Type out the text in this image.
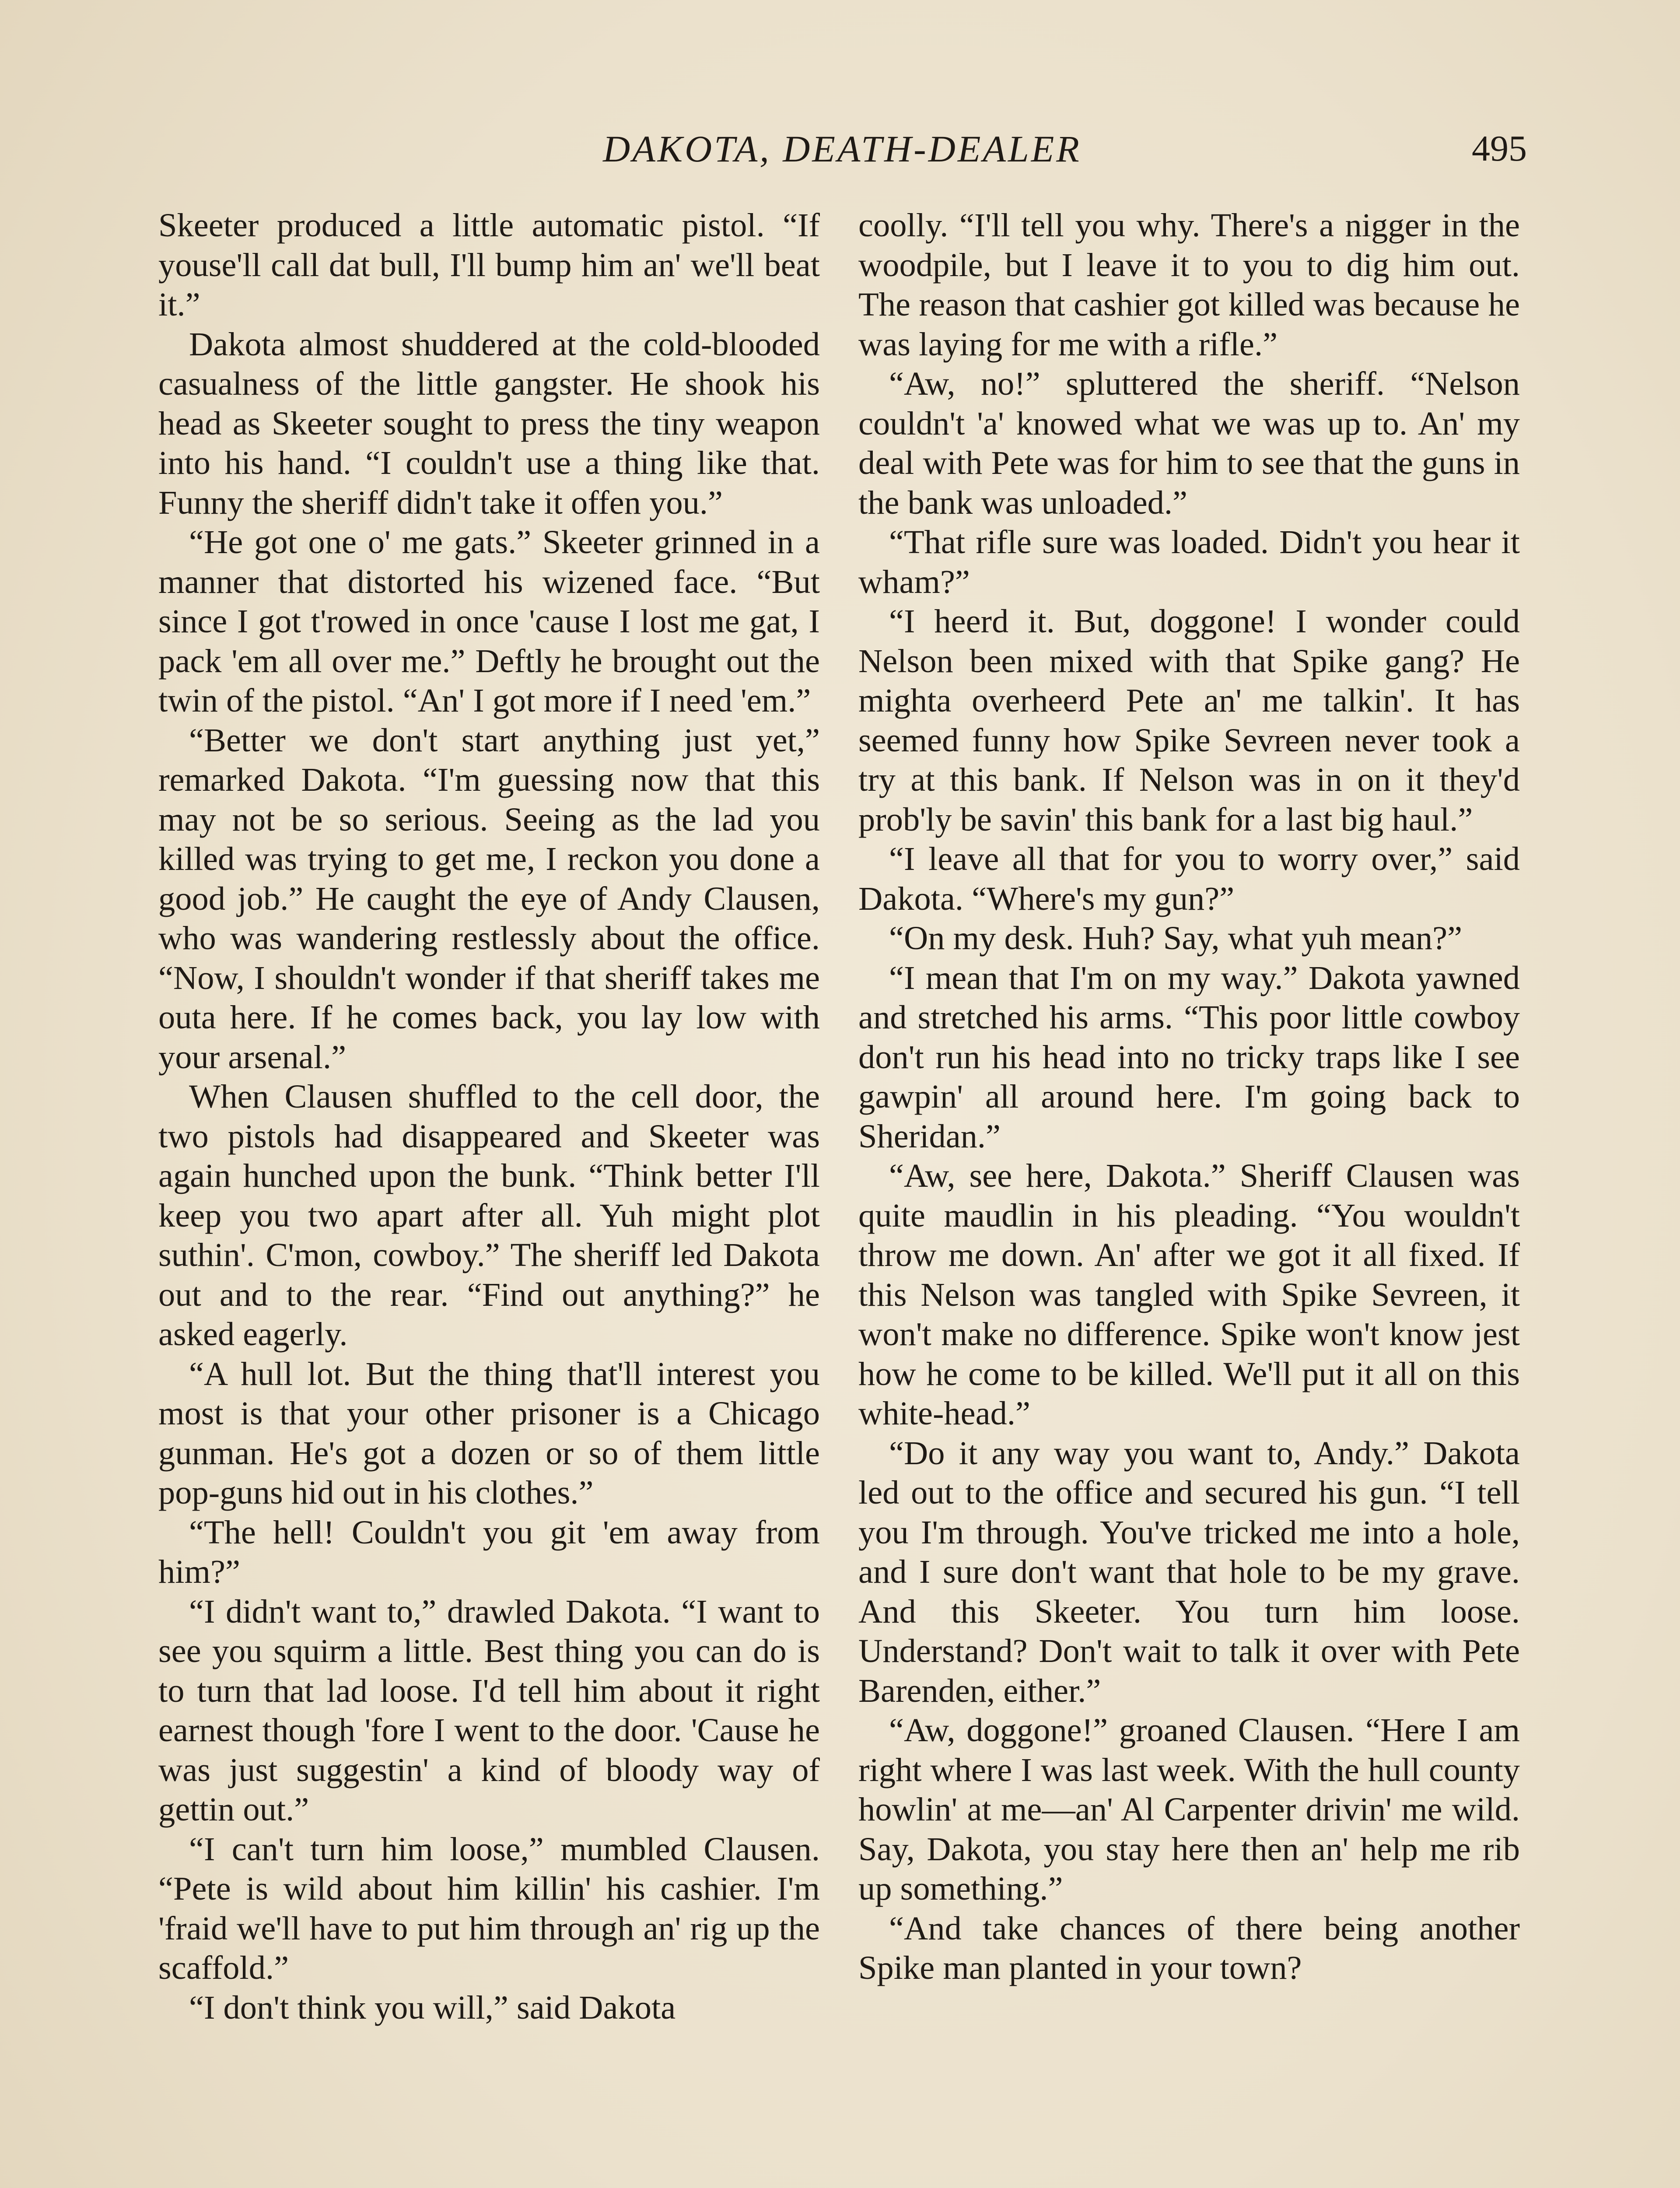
DAKOTA, DEATH-DEALER	495

Skeeter produced a little automatic pistol. “If youse'll call dat bull, I'll bump him an' we'll beat it.”

Dakota almost shuddered at the cold-blooded casualness of the little gangster. He shook his head as Skeeter sought to press the tiny weapon into his hand. “I couldn't use a thing like that. Funny the sheriff didn't take it offen you.”

“He got one o' me gats.” Skeeter grinned in a manner that distorted his wizened face. “But since I got t'rowed in once 'cause I lost me gat, I pack 'em all over me.” Deftly he brought out the twin of the pistol. “An' I got more if I need 'em.”

“Better we don't start anything just yet,” remarked Dakota. “I'm guessing now that this may not be so serious. Seeing as the lad you killed was trying to get me, I reckon you done a good job.” He caught the eye of Andy Clausen, who was wandering restlessly about the office. “Now, I shouldn't wonder if that sheriff takes me outa here. If he comes back, you lay low with your arsenal.”

When Clausen shuffled to the cell door, the two pistols had disappeared and Skeeter was again hunched upon the bunk. “Think better I'll keep you two apart after all. Yuh might plot suthin'. C'mon, cowboy.” The sheriff led Dakota out and to the rear. “Find out anything?” he asked eagerly.

“A hull lot. But the thing that'll interest you most is that your other prisoner is a Chicago gunman. He's got a dozen or so of them little pop-guns hid out in his clothes.”

“The hell! Couldn't you git 'em away from him?”

“I didn't want to,” drawled Dakota. “I want to see you squirm a little. Best thing you can do is to turn that lad loose. I'd tell him about it right earnest though 'fore I went to the door. 'Cause he was just suggestin' a kind of bloody way of gettin out.”

“I can't turn him loose,” mumbled Clausen. “Pete is wild about him killin' his cashier. I'm 'fraid we'll have to put him through an' rig up the scaffold.”

“I don't think you will,” said Dakota

coolly. “I'll tell you why. There's a nigger in the woodpile, but I leave it to you to dig him out. The reason that cashier got killed was because he was laying for me with a rifle.”

“Aw, no!” spluttered the sheriff. “Nelson couldn't 'a' knowed what we was up to. An' my deal with Pete was for him to see that the guns in the bank was unloaded.”

“That rifle sure was loaded. Didn't you hear it wham?”

“I heerd it. But, doggone! I wonder could Nelson been mixed with that Spike gang? He mighta overheerd Pete an' me talkin'. It has seemed funny how Spike Sevreen never took a try at this bank. If Nelson was in on it they'd prob'ly be savin' this bank for a last big haul.”

“I leave all that for you to worry over,” said Dakota. “Where's my gun?”

“On my desk. Huh? Say, what yuh mean?”

“I mean that I'm on my way.” Dakota yawned and stretched his arms. “This poor little cowboy don't run his head into no tricky traps like I see gawpin' all around here. I'm going back to Sheridan.”

“Aw, see here, Dakota.” Sheriff Clausen was quite maudlin in his pleading. “You wouldn't throw me down. An' after we got it all fixed. If this Nelson was tangled with Spike Sevreen, it won't make no difference. Spike won't know jest how he come to be killed. We'll put it all on this white-head.”

“Do it any way you want to, Andy.” Dakota led out to the office and secured his gun. “I tell you I'm through. You've tricked me into a hole, and I sure don't want that hole to be my grave. And this Skeeter. You turn him loose. Understand? Don't wait to talk it over with Pete Barenden, either.”

“Aw, doggone!” groaned Clausen. “Here I am right where I was last week. With the hull county howlin' at me—an' Al Carpenter drivin' me wild. Say, Dakota, you stay here then an' help me rib up something.”

“And take chances of there being another Spike man planted in your town?
